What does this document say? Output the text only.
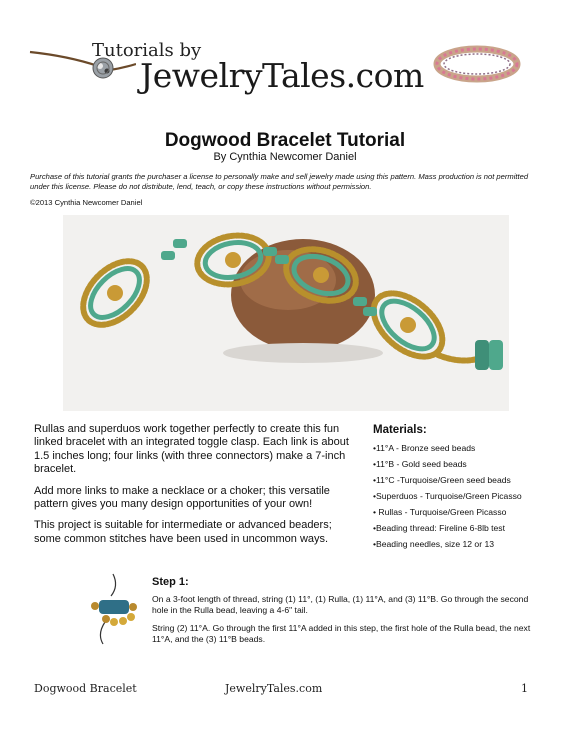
Tutorials by
JewelryTales.com
Dogwood Bracelet Tutorial
By Cynthia Newcomer Daniel
Purchase of this tutorial grants the purchaser a license to personally make and sell jewelry made using this pattern. Mass production is not permitted under this license. Please do not distribute, lend, teach, or copy these instructions without permission.
©2013 Cynthia Newcomer Daniel

Rullas and superduos work together perfectly to create this fun linked bracelet with an integrated toggle clasp. Each link is about 1.5 inches long; four links (with three connectors) make a 7-inch bracelet.

Add more links to make a necklace or a choker; this versatile pattern gives you many design opportunities of your own!

This project is suitable for intermediate or advanced beaders; some common stitches have been used in uncommon ways.

Materials:
•11°A - Bronze seed beads
•11°B - Gold seed beads
•11°C -Turquoise/Green seed beads
•Superduos - Turquoise/Green Picasso
• Rullas - Turquoise/Green Picasso
•Beading thread: Fireline 6-8lb test
•Beading needles, size 12 or 13
Step 1:
On a 3-foot length of thread, string (1) 11°, (1) Rulla, (1) 11°A, and (3) 11°B. Go through the second hole in the Rulla bead, leaving a 4-6" tail.
String (2) 11°A. Go through the first 11°A added in this step, the first hole of the Rulla bead, the next 11°A, and the (3) 11°B beads.
Dogwood Bracelet	JewelryTales.com	1
